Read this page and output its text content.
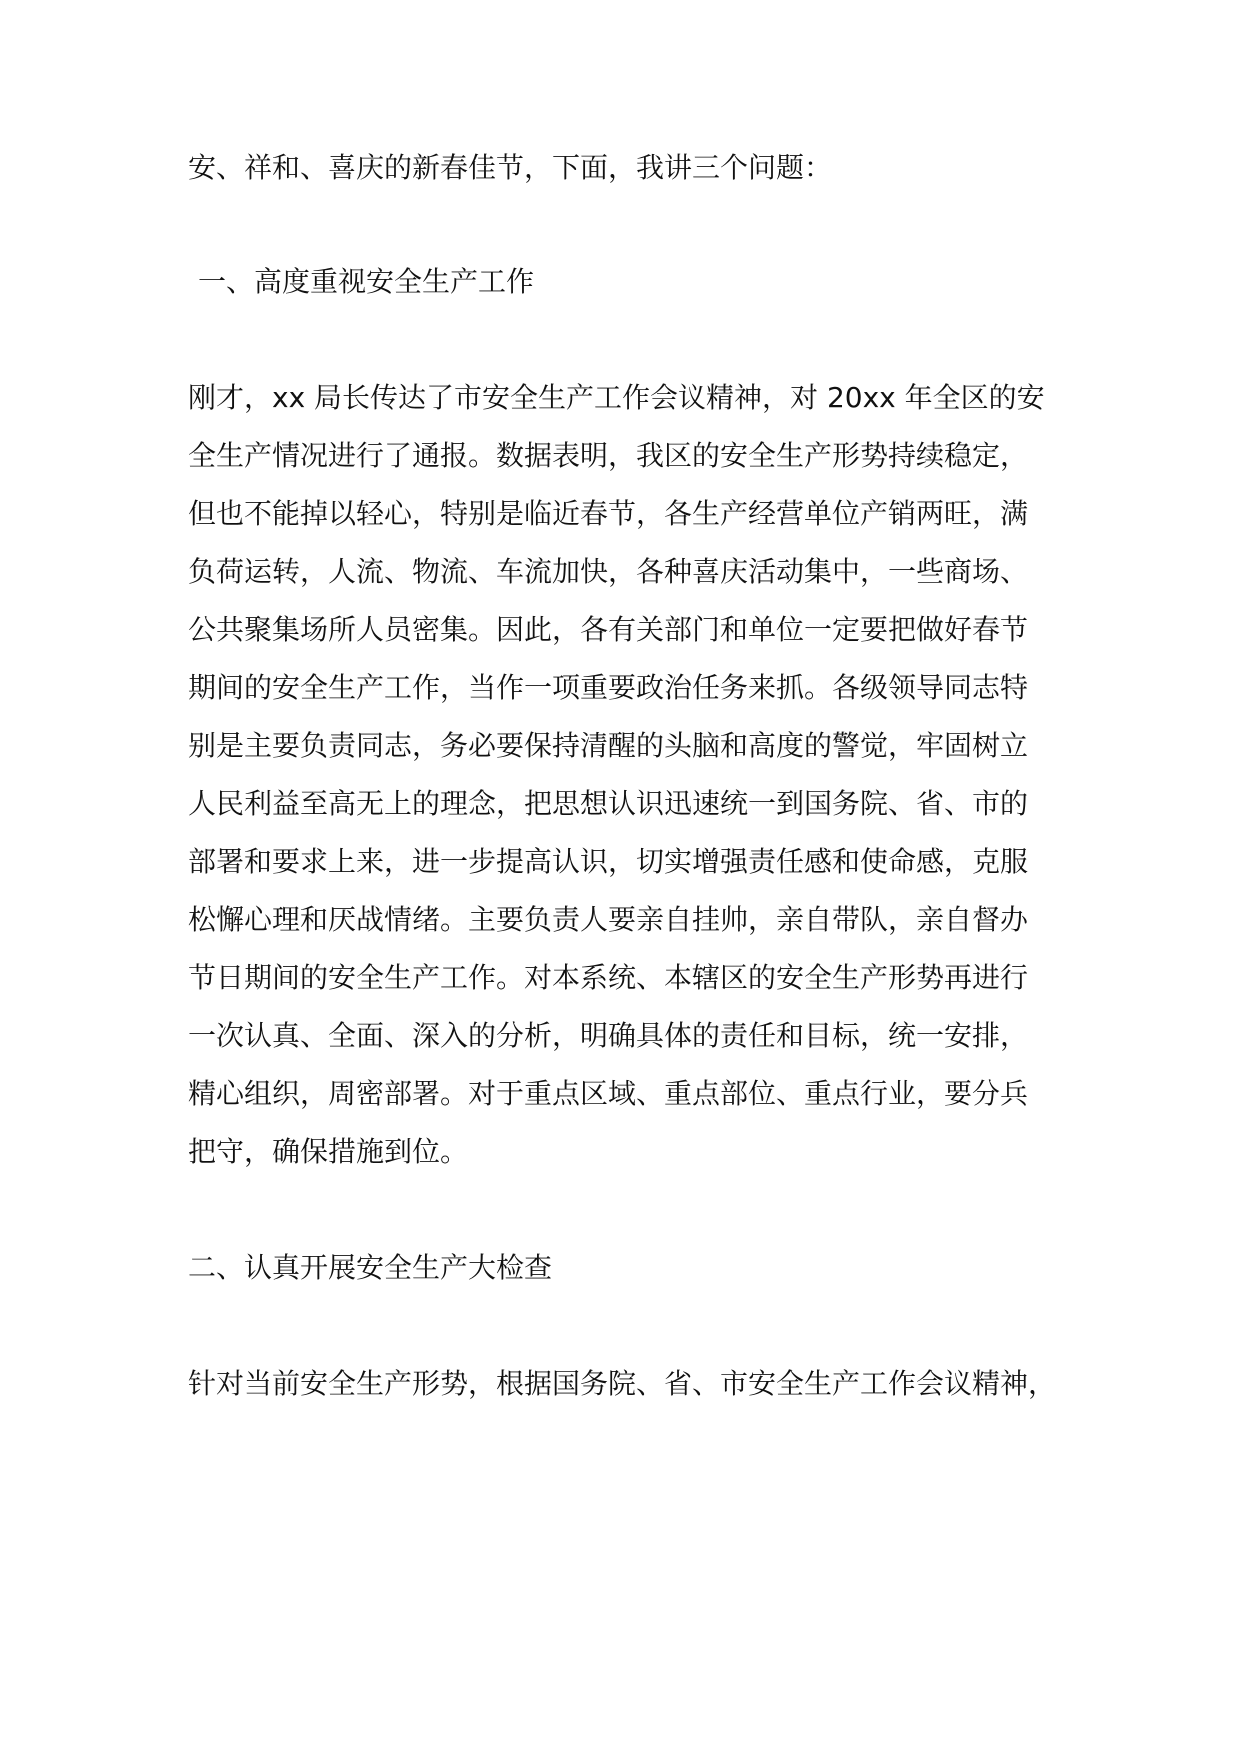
安、祥和、喜庆的新春佳节，下面，我讲三个问题：
一、高度重视安全生产工作
刚才，xx 局长传达了市安全生产工作会议精神，对 20xx 年全区的安
全生产情况进行了通报。数据表明，我区的安全生产形势持续稳定，
但也不能掉以轻心，特别是临近春节，各生产经营单位产销两旺，满
负荷运转，人流、物流、车流加快，各种喜庆活动集中，一些商场、
公共聚集场所人员密集。因此，各有关部门和单位一定要把做好春节
期间的安全生产工作，当作一项重要政治任务来抓。各级领导同志特
别是主要负责同志，务必要保持清醒的头脑和高度的警觉，牢固树立
人民利益至高无上的理念，把思想认识迅速统一到国务院、省、市的
部署和要求上来，进一步提高认识，切实增强责任感和使命感，克服
松懈心理和厌战情绪。主要负责人要亲自挂帅，亲自带队，亲自督办
节日期间的安全生产工作。对本系统、本辖区的安全生产形势再进行
一次认真、全面、深入的分析，明确具体的责任和目标，统一安排，
精心组织，周密部署。对于重点区域、重点部位、重点行业，要分兵
把守，确保措施到位。
二、认真开展安全生产大检查
针对当前安全生产形势，根据国务院、省、市安全生产工作会议精神，
